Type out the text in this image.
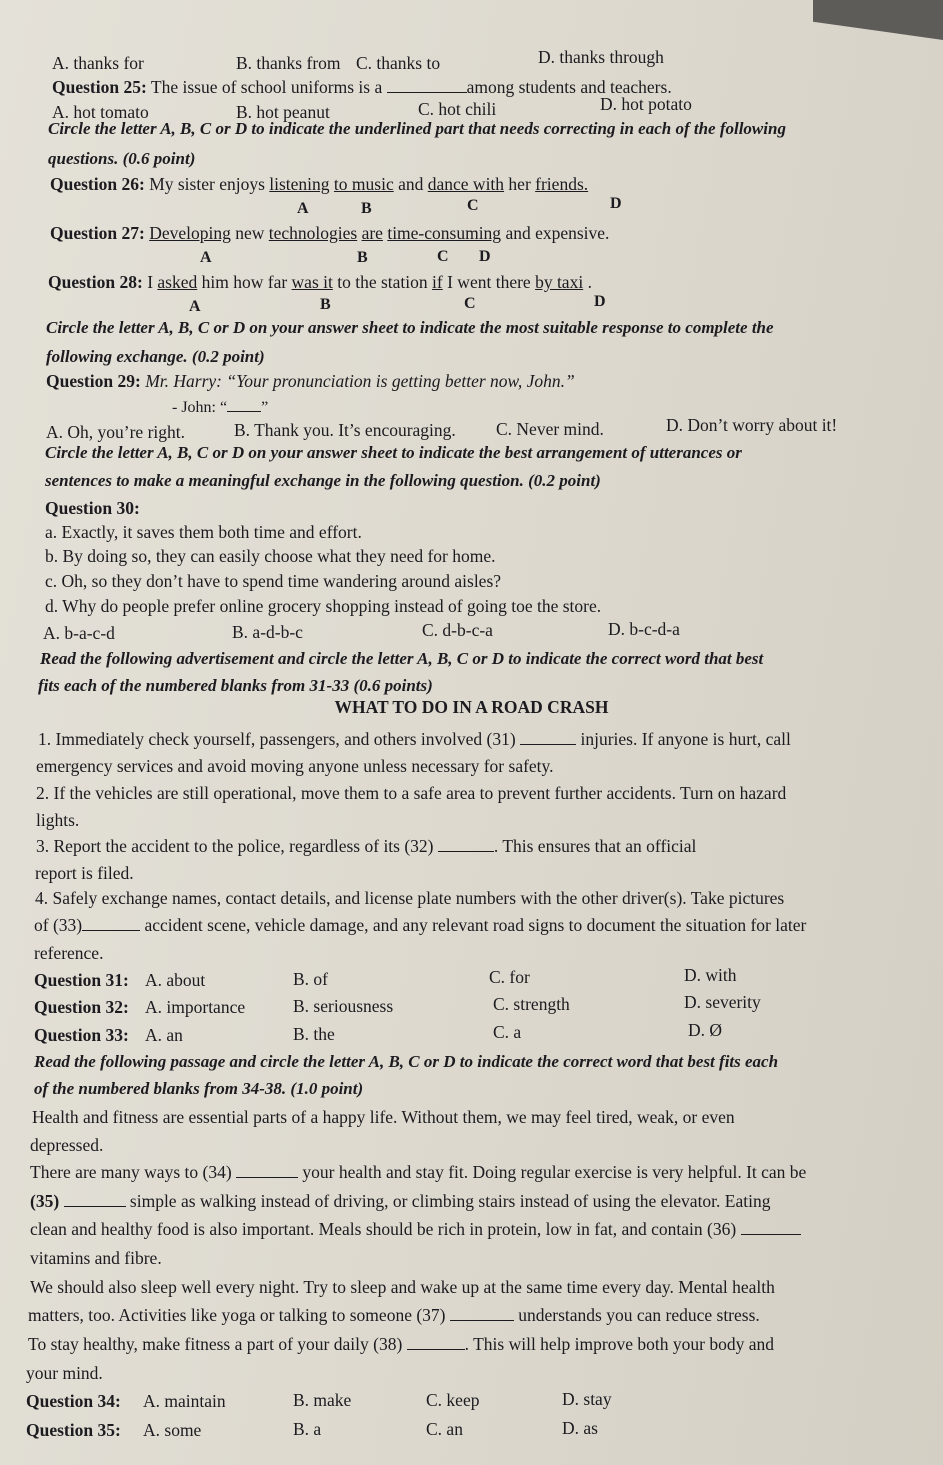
A. thanks for	B. thanks from C. thanks to	D. thanks through
Question 25: The issue of school uniforms is a	among students and teachers.
A. hot tomato	B. hot peanut	C. hot chili	D. hot potato
Circle the letter A, B, C or D to indicate the underlined part that needs correcting in each of the following
questions. (0.6 point)
Question 26: My sister enjoys listening to music and dance with her friends.
A	B	C	D
Question 27: Developing new technologies are time-consuming and expensive.
A	B	C D
Question 28: I asked him how far was it to the station if I went there by taxi .
A	B	C	D
Circle the letter A, B, C or D on your answer sheet to indicate the most suitable response to complete the
following exchange. (0.2 point)
Question 29: Mr. Harry: “Your pronunciation is getting better now, John.”
- John: “ ”
A. Oh, you’re right.	B. Thank you. It’s encouraging. C. Never mind.	D. Don’t worry about it!
Circle the letter A, B, C or D on your answer sheet to indicate the best arrangement of utterances or
sentences to make a meaningful exchange in the following question. (0.2 point)
Question 30:
a. Exactly, it saves them both time and effort.
b. By doing so, they can easily choose what they need for home.
c. Oh, so they don’t have to spend time wandering around aisles?
d. Why do people prefer online grocery shopping instead of going toe the store.
A. b-a-c-d	B. a-d-b-c	C. d-b-c-a	D. b-c-d-a
Read the following advertisement and circle the letter A, B, C or D to indicate the correct word that best
fits each of the numbered blanks from 31-33 (0.6 points)
WHAT TO DO IN A ROAD CRASH
1. Immediately check yourself, passengers, and others involved (31)	injuries. If anyone is hurt, call
emergency services and avoid moving anyone unless necessary for safety.
2. If the vehicles are still operational, move them to a safe area to prevent further accidents. Turn on hazard
lights.
3. Report the accident to the police, regardless of its (32)	. This ensures that an official
report is filed.
4. Safely exchange names, contact details, and license plate numbers with the other driver(s). Take pictures
of (33)	accident scene, vehicle damage, and any relevant road signs to document the situation for later
reference.
Question 31: A. about	B. of	C. for	D. with
Question 32: A. importance	B. seriousness	C. strength	D. severity
Question 33: A. an	B. the	C. a	D. Ø
Read the following passage and circle the letter A, B, C or D to indicate the correct word that best fits each
of the numbered blanks from 34-38. (1.0 point)
Health and fitness are essential parts of a happy life. Without them, we may feel tired, weak, or even
depressed.
There are many ways to (34)	your health and stay fit. Doing regular exercise is very helpful. It can be
(35)	simple as walking instead of driving, or climbing stairs instead of using the elevator. Eating
clean and healthy food is also important. Meals should be rich in protein, low in fat, and contain (36)
vitamins and fibre.
We should also sleep well every night. Try to sleep and wake up at the same time every day. Mental health
matters, too. Activities like yoga or talking to someone (37)	understands you can reduce stress.
To stay healthy, make fitness a part of your daily (38)	. This will help improve both your body and
your mind.
Question 34: A. maintain	B. make	C. keep	D. stay
Question 35: A. some	B. a	C. an	D. as
